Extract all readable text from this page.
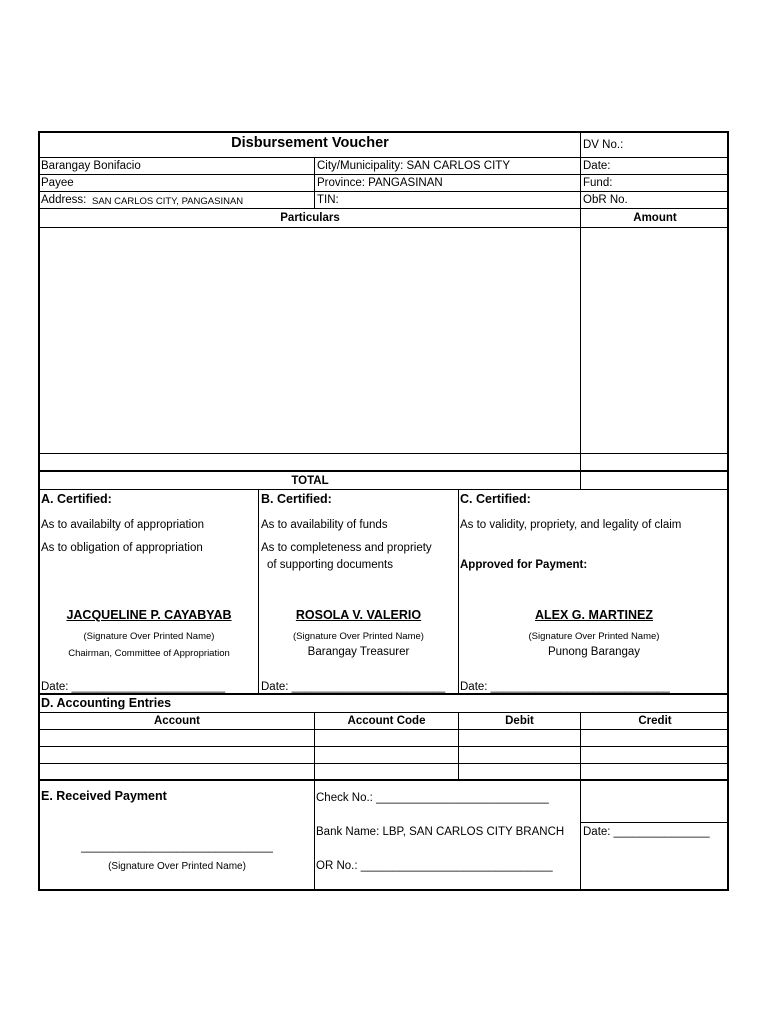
Disbursement Voucher	DV No.:
Barangay Bonifacio	City/Municipality: SAN CARLOS CITY	Date:
Payee	Province: PANGASINAN	Fund:
Address: SAN CARLOS CITY, PANGASINAN	TIN:	ObR No.
Particulars	Amount
TOTAL
A. Certified:
As to availabilty of appropriation
As to obligation of appropriation
JACQUELINE P. CAYABYAB
(Signature Over Printed Name)
Chairman, Committee of Appropriation
Date: ________________________
B. Certified:
As to availability of funds
As to completeness and propriety
of supporting documents
ROSOLA V. VALERIO
(Signature Over Printed Name)
Barangay Treasurer
Date: ________________________
C. Certified:
As to validity, propriety, and legality of claim
Approved for Payment:
ALEX G. MARTINEZ
(Signature Over Printed Name)
Punong Barangay
Date: ____________________________
D. Accounting Entries
Account	Account Code	Debit	Credit
E. Received Payment
______________________________
(Signature Over Printed Name)
Check No.: ___________________________
Bank Name: LBP, SAN CARLOS CITY BRANCH
OR No.: ______________________________
Date: _______________
